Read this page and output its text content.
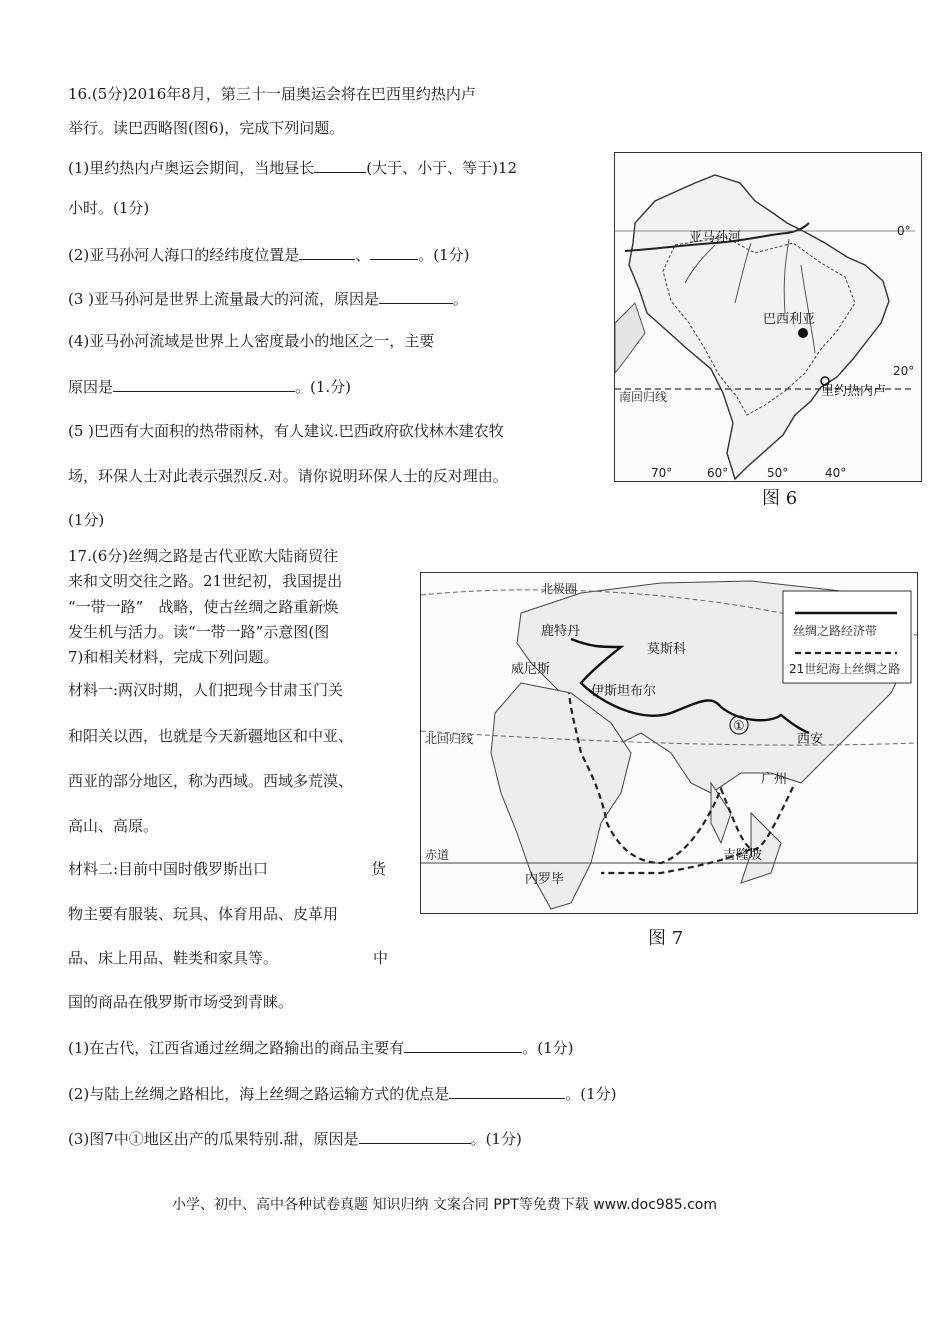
16.(5分)2016年8月，第三十一届奥运会将在巴西里约热内卢
举行。读巴西略图(图6)，完成下列问题。
(1)里约热内卢奥运会期间，当地昼长	(大于、小于、等于)12
小时。(1分)
(2)亚马孙河人海口的经纬度位置是	、	。(1分)
(3 )亚马孙河是世界上流量最大的河流，原因是	。
(4)亚马孙河流域是世界上人密度最小的地区之一，主要
原因是	。(1.分)
(5 )巴西有大面积的热带雨林，有人建议.巴西政府砍伐林木建农牧
场，环保人士对此表示强烈反.对。请你说明环保人士的反对理由。
(1分)
亚马孙河
巴西利亚
里约热内卢
南回归线
0°
20°
70°	60°	50°	40°
图 6
17.(6分)丝绸之路是古代亚欧大陆商贸往
来和文明交往之路。21世纪初，我国提出
“一带一路”　战略，使古丝绸之路重新焕
发生机与活力。读“一带一路”示意图(图
7)和相关材料，完成下列问题。
材料一:两汉时期，人们把现今甘肃玉门关
和阳关以西，也就是今天新疆地区和中亚、
西亚的部分地区，称为西域。西域多荒漠、
高山、高原。
材料二:目前中国时俄罗斯出口	货
物主要有服装、玩具、体育用品、皮革用
品、床上用品、鞋类和家具等。	中
国的商品在俄罗斯市场受到青睐。
(1)在古代，江西省通过丝绸之路输出的商品主要有	。(1分)
(2)与陆上丝绸之路相比，海上丝绸之路运输方式的优点是	。(1分)
(3)图7中①地区出产的瓜果特别.甜，原因是	。(1分)
丝绸之路经济带
21世纪海上丝绸之路
北极圈
北回归线
赤道
鹿特丹
莫斯科
威尼斯
伊斯坦布尔
西安
广州
吉隆坡
内罗毕
①
图 7
小学、初中、高中各种试卷真题 知识归纳 文案合同 PPT等免费下载 www.doc985.com
